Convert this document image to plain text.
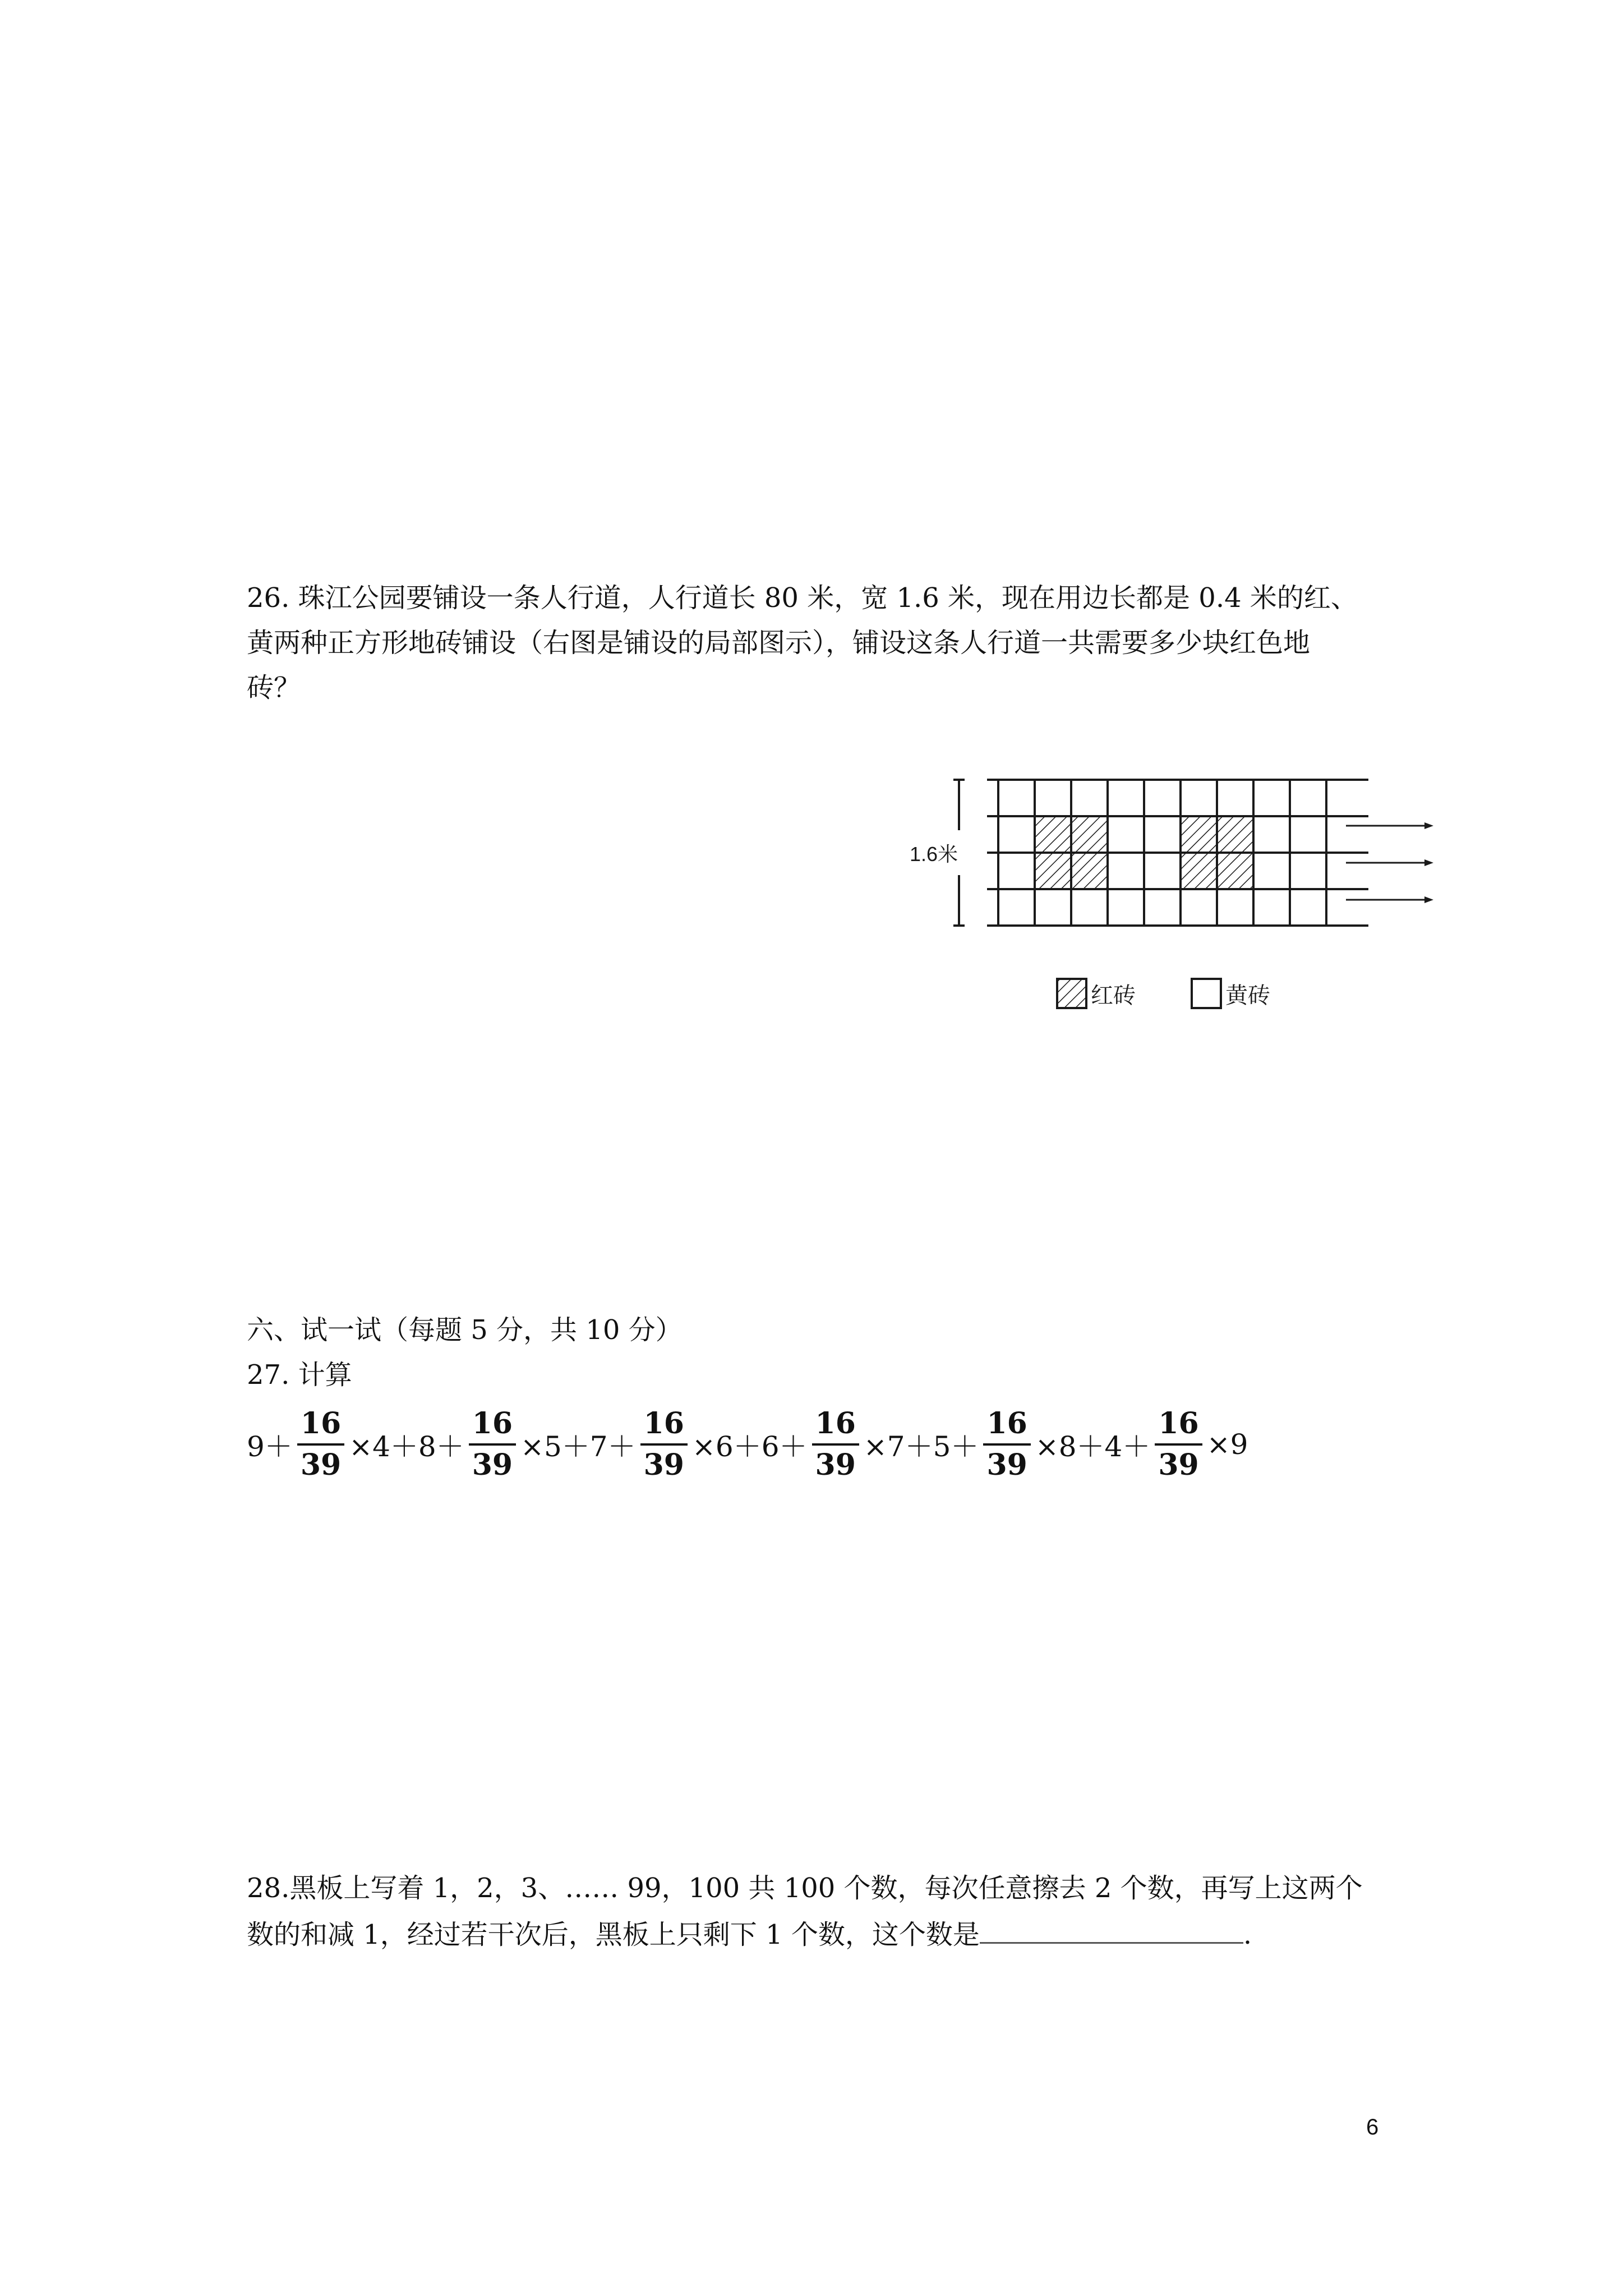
26. 珠江公园要铺设一条人行道，人行道长 80 米，宽 1.6 米，现在用边长都是 0.4 米的红、
黄两种正方形地砖铺设（右图是铺设的局部图示），铺设这条人行道一共需要多少块红色地
砖？
1.6米
红砖	黄砖
六、试一试（每题 5 分，共 10 分）
27. 计算
$9+ \frac{16}{39} \times 4+8+ \frac{16}{39} \times 5+7+ \frac{16}{39} \times 6+6+ \frac{16}{39} \times 7+5+ \frac{16}{39} \times 8+4+ \frac{16}{39} \times 9$
28.黑板上写着 1，2，3、…… 99，100 共 100 个数，每次任意擦去 2 个数，再写上这两个
数的和减 1，经过若干次后，黑板上只剩下 1 个数，这个数是	.
6
